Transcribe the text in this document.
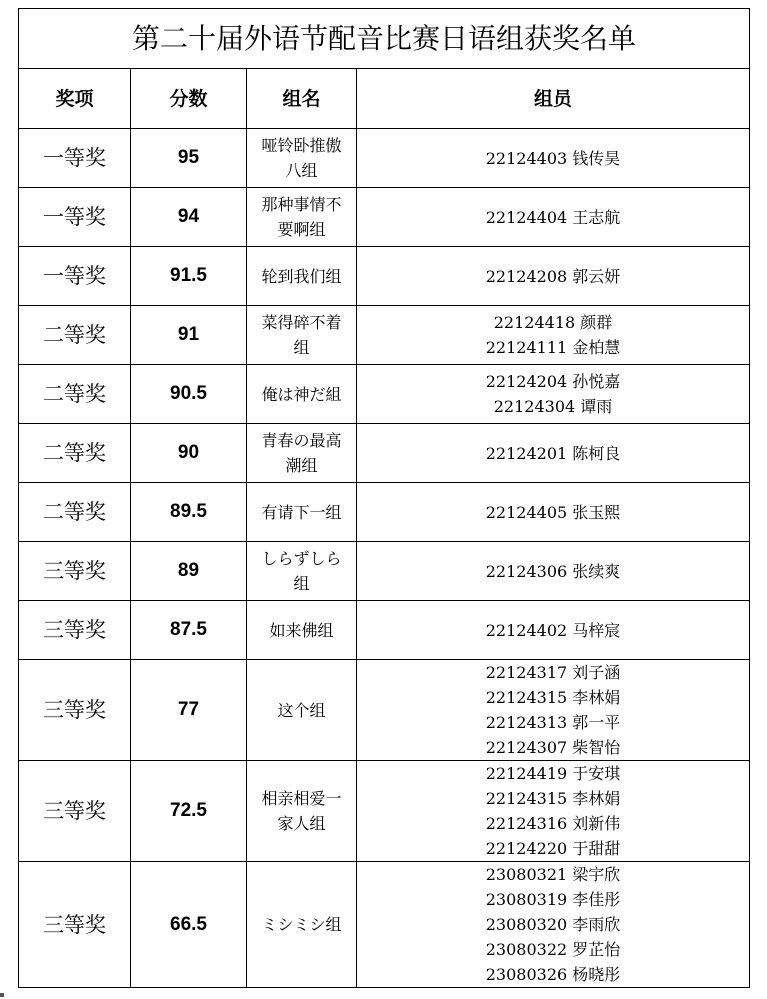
第二十届外语节配音比赛日语组获奖名单			
奖项	分数	组名	组员
一等奖	95	哑铃卧推傲八组	22124403 钱传昊

一等奖	94	那种事情不要啊组	22124404 王志航

一等奖	91.5	轮到我们组	22124208 郭云妍

二等奖	91	菜得碎不着组	22124418 颜群
22124111 金柏慧

二等奖	90.5	俺は神だ組	22124204 孙悦嘉
22124304 谭雨

二等奖	90	青春の最高潮组	22124201 陈柯良

二等奖	89.5	有请下一组	22124405 张玉熙

三等奖	89	しらずしら组	22124306 张续爽

三等奖	87.5	如来佛组	22124402 马梓宸

三等奖	77	这个组	22124317 刘子涵
22124315 李林娟
22124313 郭一平
22124307 柴智怡

三等奖	72.5	相亲相爱一家人组	22124419 于安琪
22124315 李林娟
22124316 刘新伟
22124220 于甜甜

三等奖	66.5	ミシミシ组	23080321 梁宇欣
23080319 李佳彤
23080320 李雨欣
23080322 罗芷怡
23080326 杨晓彤
